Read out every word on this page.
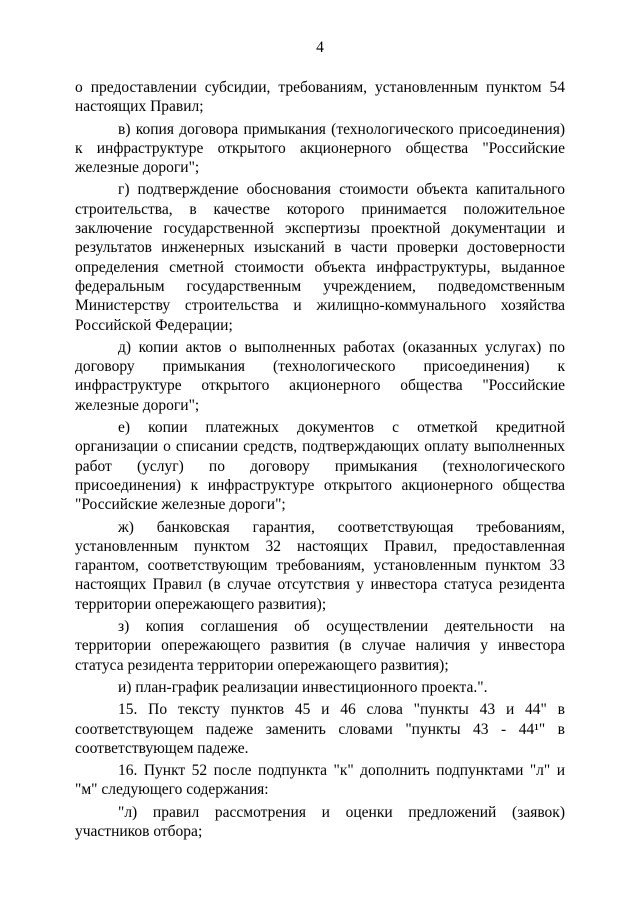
4

о предоставлении субсидии, требованиям, установленным пунктом 54 настоящих Правил;

в) копия договора примыкания (технологического присоединения) к инфраструктуре открытого акционерного общества "Российские железные дороги";

г) подтверждение обоснования стоимости объекта капитального строительства, в качестве которого принимается положительное заключение государственной экспертизы проектной документации и результатов инженерных изысканий в части проверки достоверности определения сметной стоимости объекта инфраструктуры, выданное федеральным государственным учреждением, подведомственным Министерству строительства и жилищно-коммунального хозяйства Российской Федерации;

д) копии актов о выполненных работах (оказанных услугах) по договору примыкания (технологического присоединения) к инфраструктуре открытого акционерного общества "Российские железные дороги";

е) копии платежных документов с отметкой кредитной организации о списании средств, подтверждающих оплату выполненных работ (услуг) по договору примыкания (технологического присоединения) к инфраструктуре открытого акционерного общества "Российские железные дороги";

ж) банковская гарантия, соответствующая требованиям, установленным пунктом 32 настоящих Правил, предоставленная гарантом, соответствующим требованиям, установленным пунктом 33 настоящих Правил (в случае отсутствия у инвестора статуса резидента территории опережающего развития);

з) копия соглашения об осуществлении деятельности на территории опережающего развития (в случае наличия у инвестора статуса резидента территории опережающего развития);

и) план-график реализации инвестиционного проекта.".

15. По тексту пунктов 45 и 46 слова "пункты 43 и 44" в соответствующем падеже заменить словами "пункты 43 - 44¹" в соответствующем падеже.

16. Пункт 52 после подпункта "к" дополнить подпунктами "л" и "м" следующего содержания:

"л) правил рассмотрения и оценки предложений (заявок) участников отбора;
